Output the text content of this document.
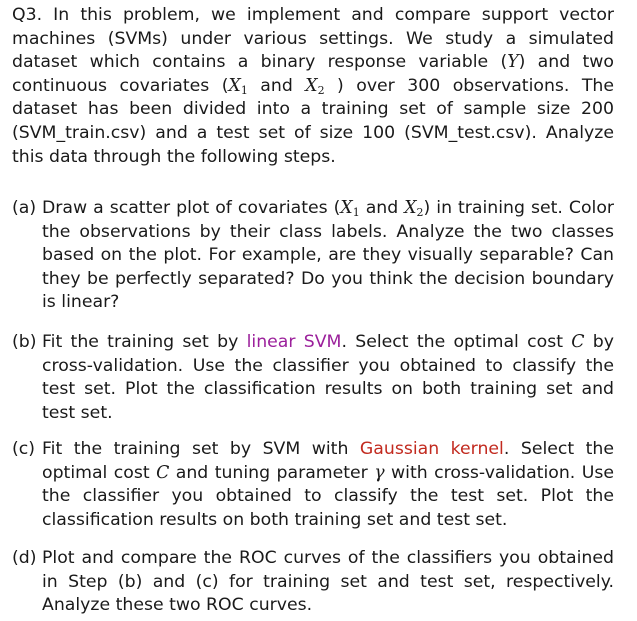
Q3. In this problem, we implement and compare support vector machines (SVMs) under various settings. We study a simulated dataset which contains a binary response variable (Y) and two continuous covariates ($X_1$ and $X_2$ ) over 300 observations. The dataset has been divided into a training set of sample size 200 (SVM_train.csv) and a test set of size 100 (SVM_test.csv). Analyze this data through the following steps.
(a) Draw a scatter plot of covariates ($X_1$ and $X_2$) in training set. Color the observations by their class labels. Analyze the two classes based on the plot. For example, are they visually separable? Can they be perfectly separated? Do you think the decision boundary is linear?
(b) Fit the training set by linear SVM. Select the optimal cost C by cross-validation. Use the classifier you obtained to classify the test set. Plot the classification results on both training set and test set.
(c) Fit the training set by SVM with Gaussian kernel. Select the optimal cost C and tuning parameter γ with cross-validation. Use the classifier you obtained to classify the test set. Plot the classification results on both training set and test set.
(d) Plot and compare the ROC curves of the classifiers you obtained in Step (b) and (c) for training set and test set, respectively. Analyze these two ROC curves.
